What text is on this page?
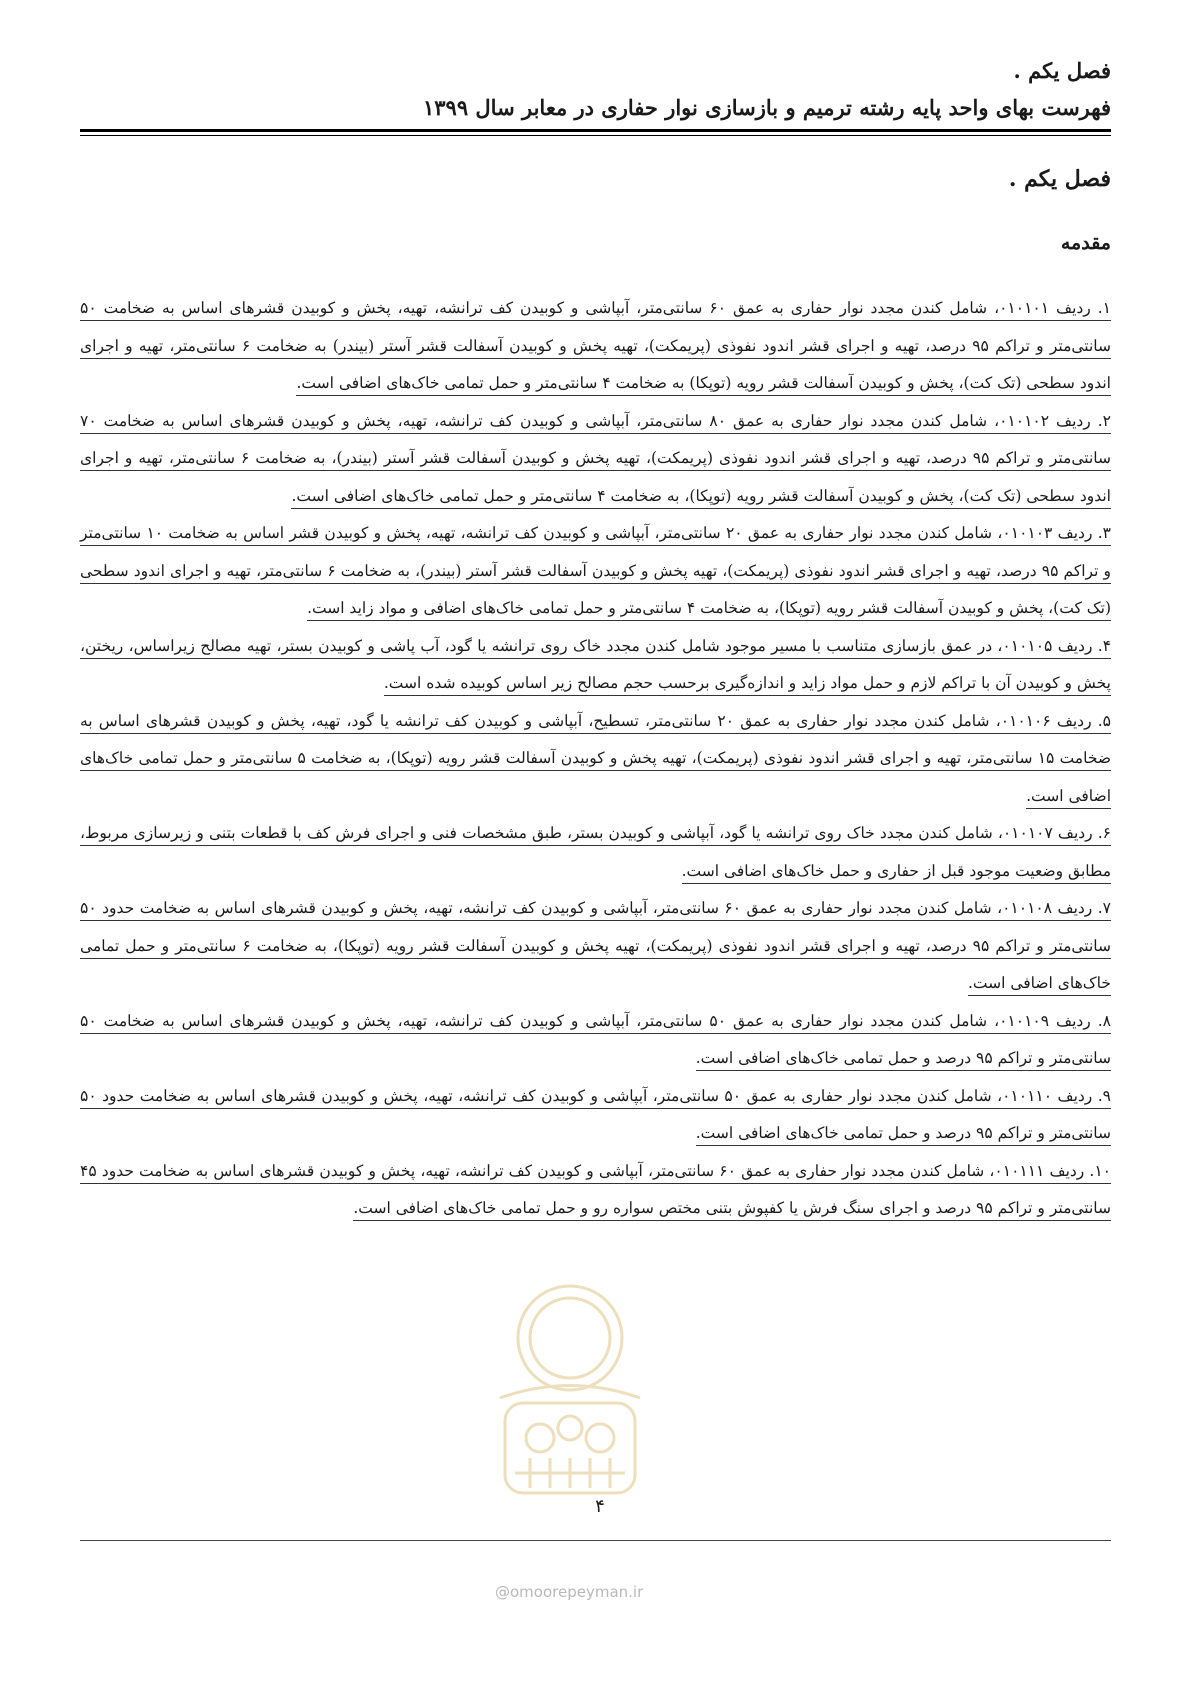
فصل یکم .
فهرست بهای واحد پایه رشته ترمیم و بازسازی نوار حفاری در معابر سال ۱۳۹۹
فصل یکم .
مقدمه
۱. ردیف ۰۱۰۱۰۱، شامل کندن مجدد نوار حفاری به عمق ۶۰ سانتی‌متر، آبپاشی و کوبیدن کف ترانشه، تهیه، پخش و کوبیدن قشرهای اساس به ضخامت ۵۰ سانتی‌متر و تراکم ۹۵ درصد، تهیه و اجرای قشر اندود نفوذی (پریمکت)، تهیه پخش و کوبیدن آسفالت قشر آستر (بیندر) به ضخامت ۶ سانتی‌متر، تهیه و اجرای اندود سطحی (تک کت)، پخش و کوبیدن آسفالت قشر رویه (توپکا) به ضخامت ۴ سانتی‌متر و حمل تمامی خاک‌های اضافی است.
۲. ردیف ۰۱۰۱۰۲، شامل کندن مجدد نوار حفاری به عمق ۸۰ سانتی‌متر، آبپاشی و کوبیدن کف ترانشه، تهیه، پخش و کوبیدن قشرهای اساس به ضخامت ۷۰ سانتی‌متر و تراکم ۹۵ درصد، تهیه و اجرای قشر اندود نفوذی (پریمکت)، تهیه پخش و کوبیدن آسفالت قشر آستر (بیندر)، به ضخامت ۶ سانتی‌متر، تهیه و اجرای اندود سطحی (تک کت)، پخش و کوبیدن آسفالت قشر رویه (توپکا)، به ضخامت ۴ سانتی‌متر و حمل تمامی خاک‌های اضافی است.
۳. ردیف ۰۱۰۱۰۳، شامل کندن مجدد نوار حفاری به عمق ۲۰ سانتی‌متر، آبپاشی و کوبیدن کف ترانشه، تهیه، پخش و کوبیدن قشر اساس به ضخامت ۱۰ سانتی‌متر و تراکم ۹۵ درصد، تهیه و اجرای قشر اندود نفوذی (پریمکت)، تهیه پخش و کوبیدن آسفالت قشر آستر (بیندر)، به ضخامت ۶ سانتی‌متر، تهیه و اجرای اندود سطحی (تک کت)، پخش و کوبیدن آسفالت قشر رویه (توپکا)، به ضخامت ۴ سانتی‌متر و حمل تمامی خاک‌های اضافی و مواد زاید است.
۴. ردیف ۰۱۰۱۰۵، در عمق بازسازی متناسب با مسیر موجود شامل کندن مجدد خاک روی ترانشه یا گود، آب پاشی و کوبیدن بستر، تهیه مصالح زیراساس، ریختن، پخش و کوبیدن آن با تراکم لازم و حمل مواد زاید و اندازه‌گیری برحسب حجم مصالح زیر اساس کوبیده شده است.
۵. ردیف ۰۱۰۱۰۶، شامل کندن مجدد نوار حفاری به عمق ۲۰ سانتی‌متر، تسطیح، آبپاشی و کوبیدن کف ترانشه یا گود، تهیه، پخش و کوبیدن قشرهای اساس به ضخامت ۱۵ سانتی‌متر، تهیه و اجرای قشر اندود نفوذی (پریمکت)، تهیه پخش و کوبیدن آسفالت قشر رویه (توپکا)، به ضخامت ۵ سانتی‌متر و حمل تمامی خاک‌های اضافی است.
۶. ردیف ۰۱۰۱۰۷، شامل کندن مجدد خاک روی ترانشه یا گود، آبپاشی و کوبیدن بستر، طبق مشخصات فنی و اجرای فرش کف با قطعات بتنی و زیرسازی مربوط، مطابق وضعیت موجود قبل از حفاری و حمل خاک‌های اضافی است.
۷. ردیف ۰۱۰۱۰۸، شامل کندن مجدد نوار حفاری به عمق ۶۰ سانتی‌متر، آبپاشی و کوبیدن کف ترانشه، تهیه، پخش و کوبیدن قشرهای اساس به ضخامت حدود ۵۰ سانتی‌متر و تراکم ۹۵ درصد، تهیه و اجرای قشر اندود نفوذی (پریمکت)، تهیه پخش و کوبیدن آسفالت قشر رویه (توپکا)، به ضخامت ۶ سانتی‌متر و حمل تمامی خاک‌های اضافی است.
۸. ردیف ۰۱۰۱۰۹، شامل کندن مجدد نوار حفاری به عمق ۵۰ سانتی‌متر، آبپاشی و کوبیدن کف ترانشه، تهیه، پخش و کوبیدن قشرهای اساس به ضخامت ۵۰ سانتی‌متر و تراکم ۹۵ درصد و حمل تمامی خاک‌های اضافی است.
۹. ردیف ۰۱۰۱۱۰، شامل کندن مجدد نوار حفاری به عمق ۵۰ سانتی‌متر، آبپاشی و کوبیدن کف ترانشه، تهیه، پخش و کوبیدن قشرهای اساس به ضخامت حدود ۵۰ سانتی‌متر و تراکم ۹۵ درصد و حمل تمامی خاک‌های اضافی است.
۱۰. ردیف ۰۱۰۱۱۱، شامل کندن مجدد نوار حفاری به عمق ۶۰ سانتی‌متر، آبپاشی و کوبیدن کف ترانشه، تهیه، پخش و کوبیدن قشرهای اساس به ضخامت حدود ۴۵ سانتی‌متر و تراکم ۹۵ درصد و اجرای سنگ فرش یا کفپوش بتنی مختص سواره رو و حمل تمامی خاک‌های اضافی است.
۴
@omoorepeyman.ir
